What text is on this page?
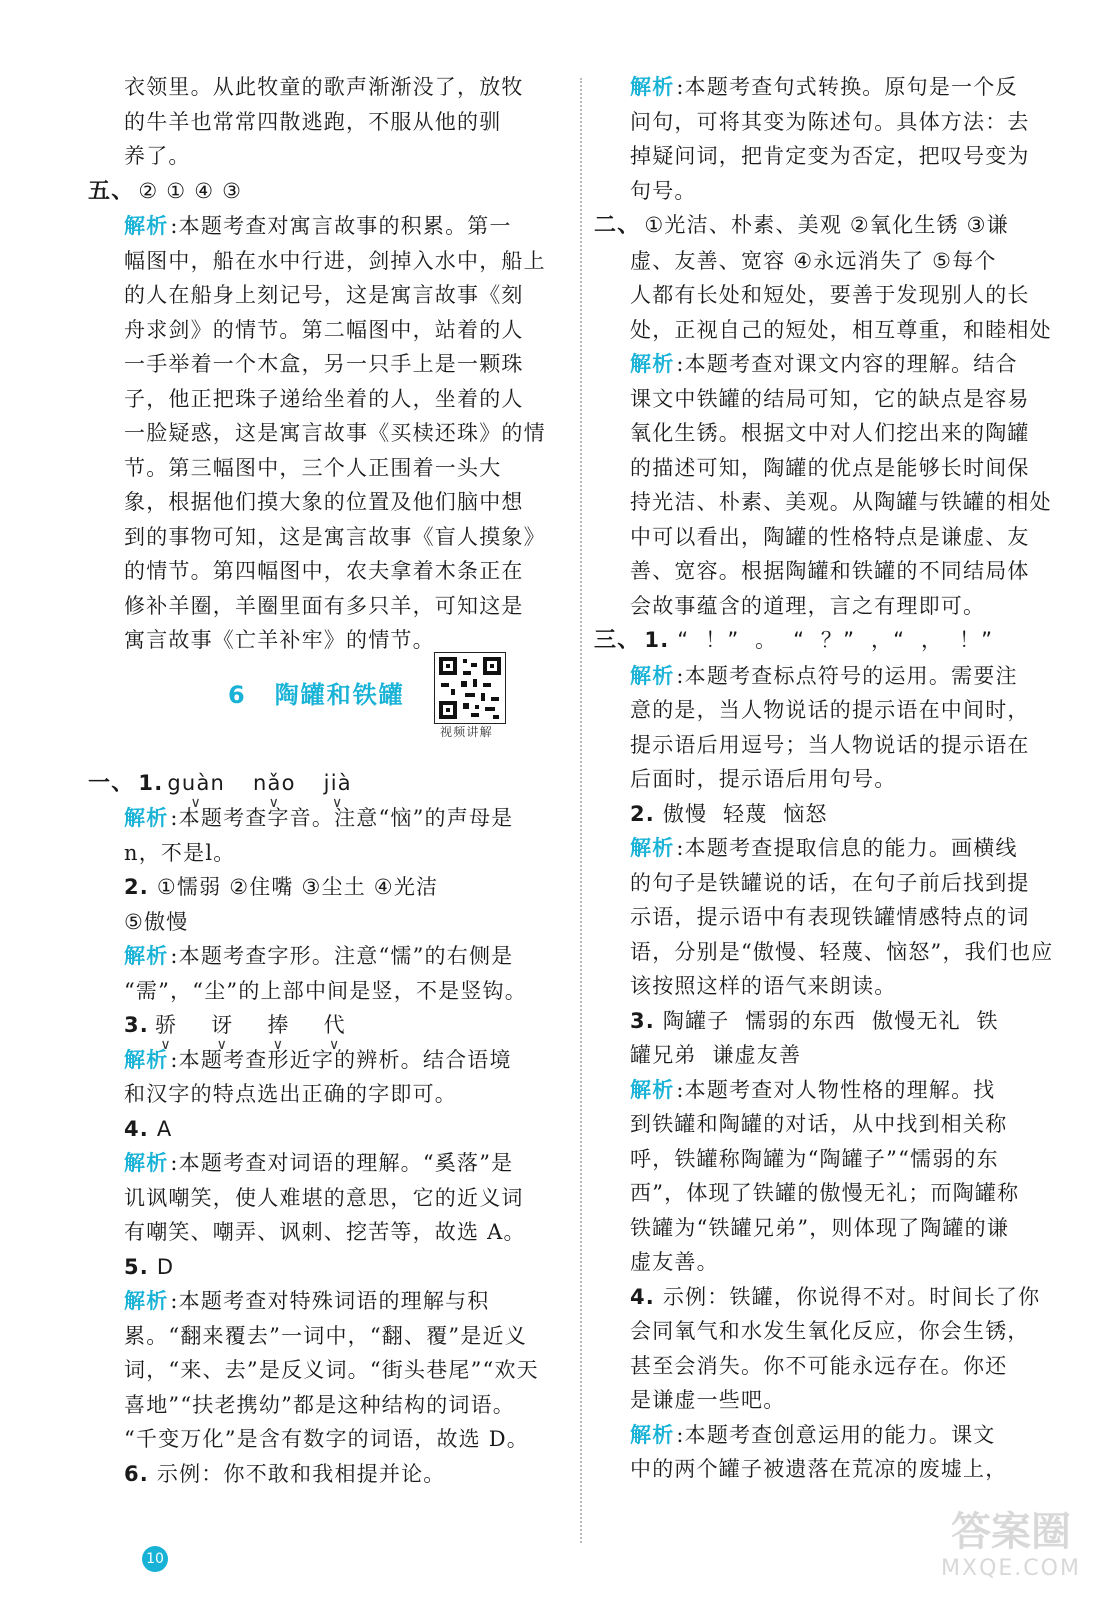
衣领里。从此牧童的歌声渐渐没了，放牧
的牛羊也常常四散逃跑，不服从他的驯
养了。
五、 ② ① ④ ③
解析:本题考查对寓言故事的积累。第一
幅图中，船在水中行进，剑掉入水中，船上
的人在船身上刻记号，这是寓言故事《刻
舟求剑》的情节。第二幅图中，站着的人
一手举着一个木盒，另一只手上是一颗珠
子，他正把珠子递给坐着的人，坐着的人
一脸疑惑，这是寓言故事《买椟还珠》的情
节。第三幅图中，三个人正围着一头大
象，根据他们摸大象的位置及他们脑中想
到的事物可知，这是寓言故事《盲人摸象》
的情节。第四幅图中，农夫拿着木条正在
修补羊圈，羊圈里面有多只羊，可知这是
寓言故事《亡羊补牢》的情节。
6 陶罐和铁罐
视频讲解
一、 1. guàn ∨ nǎo ∨ jià ∨
解析:本题考查字音。注意“恼”的声母是
n，不是l。
2. ①懦弱 ②住嘴 ③尘土 ④光洁
⑤傲慢
解析:本题考查字形。注意“懦”的右侧是
“需”，“尘”的上部中间是竖，不是竖钩。
3. 骄 ∨ 讶 ∨ 捧 ∨ 代 ∨
解析:本题考查形近字的辨析。结合语境
和汉字的特点选出正确的字即可。
4. A
解析:本题考查对词语的理解。“奚落”是
讥讽嘲笑，使人难堪的意思，它的近义词
有嘲笑、嘲弄、讽刺、挖苦等，故选 A。
5. D
解析:本题考查对特殊词语的理解与积
累。“翻来覆去”一词中，“翻、覆”是近义
词，“来、去”是反义词。“街头巷尾”“欢天
喜地”“扶老携幼”都是这种结构的词语。
“千变万化”是含有数字的词语，故选 D。
6. 示例：你不敢和我相提并论。
解析:本题考查句式转换。原句是一个反
问句，可将其变为陈述句。具体方法：去
掉疑问词，把肯定变为否定，把叹号变为
句号。
二、 ①光洁、朴素、美观 ②氧化生锈 ③谦
虚、友善、宽容 ④永远消失了 ⑤每个
人都有长处和短处，要善于发现别人的长
处，正视自己的短处，相互尊重，和睦相处
解析:本题考查对课文内容的理解。结合
课文中铁罐的结局可知，它的缺点是容易
氧化生锈。根据文中对人们挖出来的陶罐
的描述可知，陶罐的优点是能够长时间保
持光洁、朴素、美观。从陶罐与铁罐的相处
中可以看出，陶罐的性格特点是谦虚、友
善、宽容。根据陶罐和铁罐的不同结局体
会故事蕴含的道理，言之有理即可。
三、 1. “  ！”  。  “  ？”  ，“  ，  ！”
解析:本题考查标点符号的运用。需要注
意的是，当人物说话的提示语在中间时，
提示语后用逗号；当人物说话的提示语在
后面时，提示语后用句号。
2. 傲慢  轻蔑  恼怒
解析:本题考查提取信息的能力。画横线
的句子是铁罐说的话，在句子前后找到提
示语，提示语中有表现铁罐情感特点的词
语，分别是“傲慢、轻蔑、恼怒”，我们也应
该按照这样的语气来朗读。
3. 陶罐子  懦弱的东西  傲慢无礼  铁
罐兄弟  谦虚友善
解析:本题考查对人物性格的理解。找
到铁罐和陶罐的对话，从中找到相关称
呼，铁罐称陶罐为“陶罐子”“懦弱的东
西”，体现了铁罐的傲慢无礼；而陶罐称
铁罐为“铁罐兄弟”，则体现了陶罐的谦
虚友善。
4. 示例：铁罐，你说得不对。时间长了你
会同氧气和水发生氧化反应，你会生锈，
甚至会消失。你不可能永远存在。你还
是谦虚一些吧。
解析:本题考查创意运用的能力。课文
中的两个罐子被遗落在荒凉的废墟上，
10
答案圈
MXQE.COM
